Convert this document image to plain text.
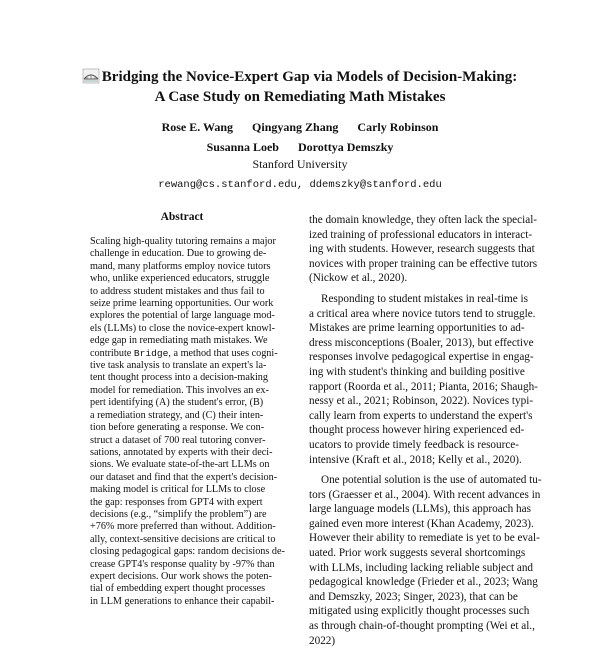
Bridging the Novice-Expert Gap via Models of Decision-Making:
A Case Study on Remediating Math Mistakes
Rose E. Wang Qingyang Zhang Carly Robinson
Susanna Loeb Dorottya Demszky
Stanford University
rewang@cs.stanford.edu, ddemszky@stanford.edu
Abstract
Scaling high-quality tutoring remains a major
challenge in education. Due to growing de-
mand, many platforms employ novice tutors
who, unlike experienced educators, struggle
to address student mistakes and thus fail to
seize prime learning opportunities. Our work
explores the potential of large language mod-
els (LLMs) to close the novice-expert knowl-
edge gap in remediating math mistakes. We
contribute Bridge, a method that uses cogni-
tive task analysis to translate an expert's la-
tent thought process into a decision-making
model for remediation. This involves an ex-
pert identifying (A) the student's error, (B)
a remediation strategy, and (C) their inten-
tion before generating a response. We con-
struct a dataset of 700 real tutoring conver-
sations, annotated by experts with their deci-
sions. We evaluate state-of-the-art LLMs on
our dataset and find that the expert's decision-
making model is critical for LLMs to close
the gap: responses from GPT4 with expert
decisions (e.g., “simplify the problem”) are
+76% more preferred than without. Addition-
ally, context-sensitive decisions are critical to
closing pedagogical gaps: random decisions de-
crease GPT4's response quality by -97% than
expert decisions. Our work shows the poten-
tial of embedding expert thought processes
in LLM generations to enhance their capabil-
the domain knowledge, they often lack the special-
ized training of professional educators in interact-
ing with students. However, research suggests that
novices with proper training can be effective tutors
(Nickow et al., 2020).
Responding to student mistakes in real-time is
a critical area where novice tutors tend to struggle.
Mistakes are prime learning opportunities to ad-
dress misconceptions (Boaler, 2013), but effective
responses involve pedagogical expertise in engag-
ing with student's thinking and building positive
rapport (Roorda et al., 2011; Pianta, 2016; Shaugh-
nessy et al., 2021; Robinson, 2022). Novices typi-
cally learn from experts to understand the expert's
thought process however hiring experienced ed-
ucators to provide timely feedback is resource-
intensive (Kraft et al., 2018; Kelly et al., 2020).
One potential solution is the use of automated tu-
tors (Graesser et al., 2004). With recent advances in
large language models (LLMs), this approach has
gained even more interest (Khan Academy, 2023).
However their ability to remediate is yet to be eval-
uated. Prior work suggests several shortcomings
with LLMs, including lacking reliable subject and
pedagogical knowledge (Frieder et al., 2023; Wang
and Demszky, 2023; Singer, 2023), that can be
mitigated using explicitly thought processes such
as through chain-of-thought prompting (Wei et al.,
2022)
